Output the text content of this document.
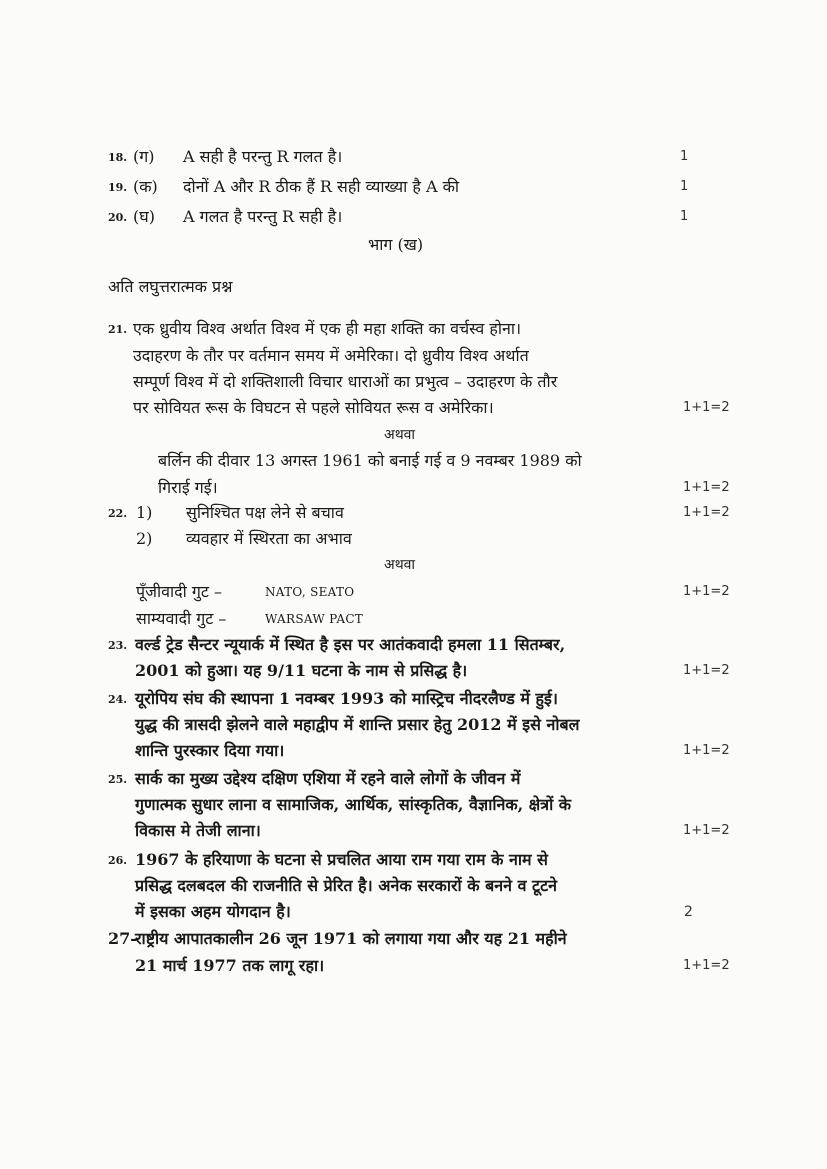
18. (ग) A सही है परन्तु R गलत है।	1
19. (क) दोनों A और R ठीक हैं R सही व्याख्या है A की	1
20. (घ) A गलत है परन्तु R सही है।	1
भाग (ख)
अति लघुत्तरात्मक प्रश्न
21. एक ध्रुवीय विश्व अर्थात विश्व में एक ही महा शक्ति का वर्चस्व होना।
उदाहरण के तौर पर वर्तमान समय में अमेरिका। दो ध्रुवीय विश्व अर्थात
सम्पूर्ण विश्व में दो शक्तिशाली विचार धाराओं का प्रभुत्व – उदाहरण के तौर
पर सोवियत रूस के विघटन से पहले सोवियत रूस व अमेरिका।	1+1=2
अथवा
बर्लिन की दीवार 13 अगस्त 1961 को बनाई गई व 9 नवम्बर 1989 को
गिराई गई।	1+1=2
22. 1) सुनिश्चित पक्ष लेने से बचाव	1+1=2
2) व्यवहार में स्थिरता का अभाव
अथवा
पूँजीवादी गुट –	NATO, SEATO	1+1=2
साम्यवादी गुट –	WARSAW PACT
23. वर्ल्ड ट्रेड सैन्टर न्यूयार्क में स्थित है इस पर आतंकवादी हमला 11 सितम्बर,
2001 को हुआ। यह 9/11 घटना के नाम से प्रसिद्ध है।	1+1=2
24. यूरोपिय संघ की स्थापना 1 नवम्बर 1993 को मास्ट्रिच नीदरलैण्ड में हुई।
युद्ध की त्रासदी झेलने वाले महाद्वीप में शान्ति प्रसार हेतु 2012 में इसे नोबल
शान्ति पुरस्कार दिया गया।	1+1=2
25. सार्क का मुख्य उद्देश्य दक्षिण एशिया में रहने वाले लोगों के जीवन में
गुणात्मक सुधार लाना व सामाजिक, आर्थिक, सांस्कृतिक, वैज्ञानिक, क्षेत्रों के
विकास मे तेजी लाना।	1+1=2
26. 1967 के हरियाणा के घटना से प्रचलित आया राम गया राम के नाम से
प्रसिद्ध दलबदल की राजनीति से प्रेरित है। अनेक सरकारों के बनने व टूटने
में इसका अहम योगदान है।	2
27-
राष्ट्रीय आपातकालीन 26 जून 1971 को लगाया गया और यह 21 महीने
21 मार्च 1977 तक लागू रहा।	1+1=2
